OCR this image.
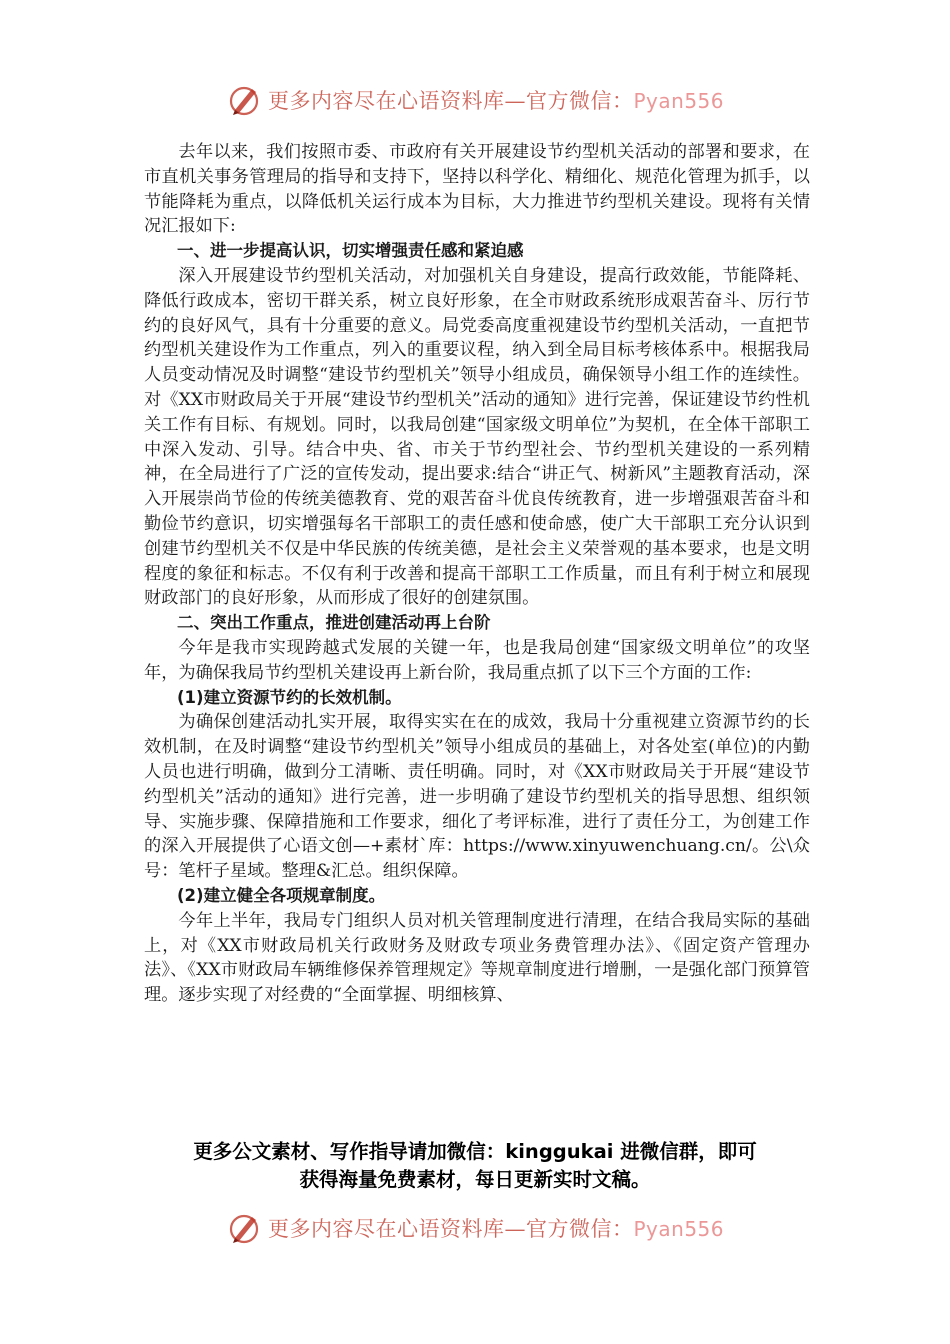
更多内容尽在心语资料库—官方微信：Pyan556

去年以来，我们按照市委、市政府有关开展建设节约型机关活动的部署和要求，在市直机关事务管理局的指导和支持下，坚持以科学化、精细化、规范化管理为抓手，以节能降耗为重点，以降低机关运行成本为目标，大力推进节约型机关建设。现将有关情况汇报如下:

一、进一步提高认识，切实增强责任感和紧迫感

深入开展建设节约型机关活动，对加强机关自身建设，提高行政效能，节能降耗、降低行政成本，密切干群关系，树立良好形象，在全市财政系统形成艰苦奋斗、厉行节约的良好风气，具有十分重要的意义。局党委高度重视建设节约型机关活动，一直把节约型机关建设作为工作重点，列入的重要议程，纳入到全局目标考核体系中。根据我局人员变动情况及时调整“建设节约型机关”领导小组成员，确保领导小组工作的连续性。对《XX市财政局关于开展“建设节约型机关”活动的通知》进行完善，保证建设节约性机关工作有目标、有规划。同时，以我局创建“国家级文明单位”为契机，在全体干部职工中深入发动、引导。结合中央、省、市关于节约型社会、节约型机关建设的一系列精神，在全局进行了广泛的宣传发动，提出要求:结合“讲正气、树新风”主题教育活动，深入开展崇尚节俭的传统美德教育、党的艰苦奋斗优良传统教育，进一步增强艰苦奋斗和勤俭节约意识，切实增强每名干部职工的责任感和使命感，使广大干部职工充分认识到创建节约型机关不仅是中华民族的传统美德，是社会主义荣誉观的基本要求，也是文明程度的象征和标志。不仅有利于改善和提高干部职工工作质量，而且有利于树立和展现财政部门的良好形象，从而形成了很好的创建氛围。

二、突出工作重点，推进创建活动再上台阶

今年是我市实现跨越式发展的关键一年，也是我局创建“国家级文明单位”的攻坚年，为确保我局节约型机关建设再上新台阶，我局重点抓了以下三个方面的工作:

(1)建立资源节约的长效机制。

为确保创建活动扎实开展，取得实实在在的成效，我局十分重视建立资源节约的长效机制，在及时调整“建设节约型机关”领导小组成员的基础上，对各处室(单位)的内勤人员也进行明确，做到分工清晰、责任明确。同时，对《XX市财政局关于开展“建设节约型机关”活动的通知》进行完善，进一步明确了建设节约型机关的指导思想、组织领导、实施步骤、保障措施和工作要求，细化了考评标准，进行了责任分工，为创建工作的深入开展提供了心语文创—+素材`库：https://www.xinyuwenchuang.cn/。公\众号：笔杆子星域。整理&汇总。组织保障。

(2)建立健全各项规章制度。

今年上半年，我局专门组织人员对机关管理制度进行清理，在结合我局实际的基础上，对《XX市财政局机关行政财务及财政专项业务费管理办法》、《固定资产管理办法》、《XX市财政局车辆维修保养管理规定》等规章制度进行增删，一是强化部门预算管理。逐步实现了对经费的“全面掌握、明细核算、

更多公文素材、写作指导请加微信：kinggukai 进微信群，即可
获得海量免费素材，每日更新实时文稿。
更多内容尽在心语资料库—官方微信：Pyan556
